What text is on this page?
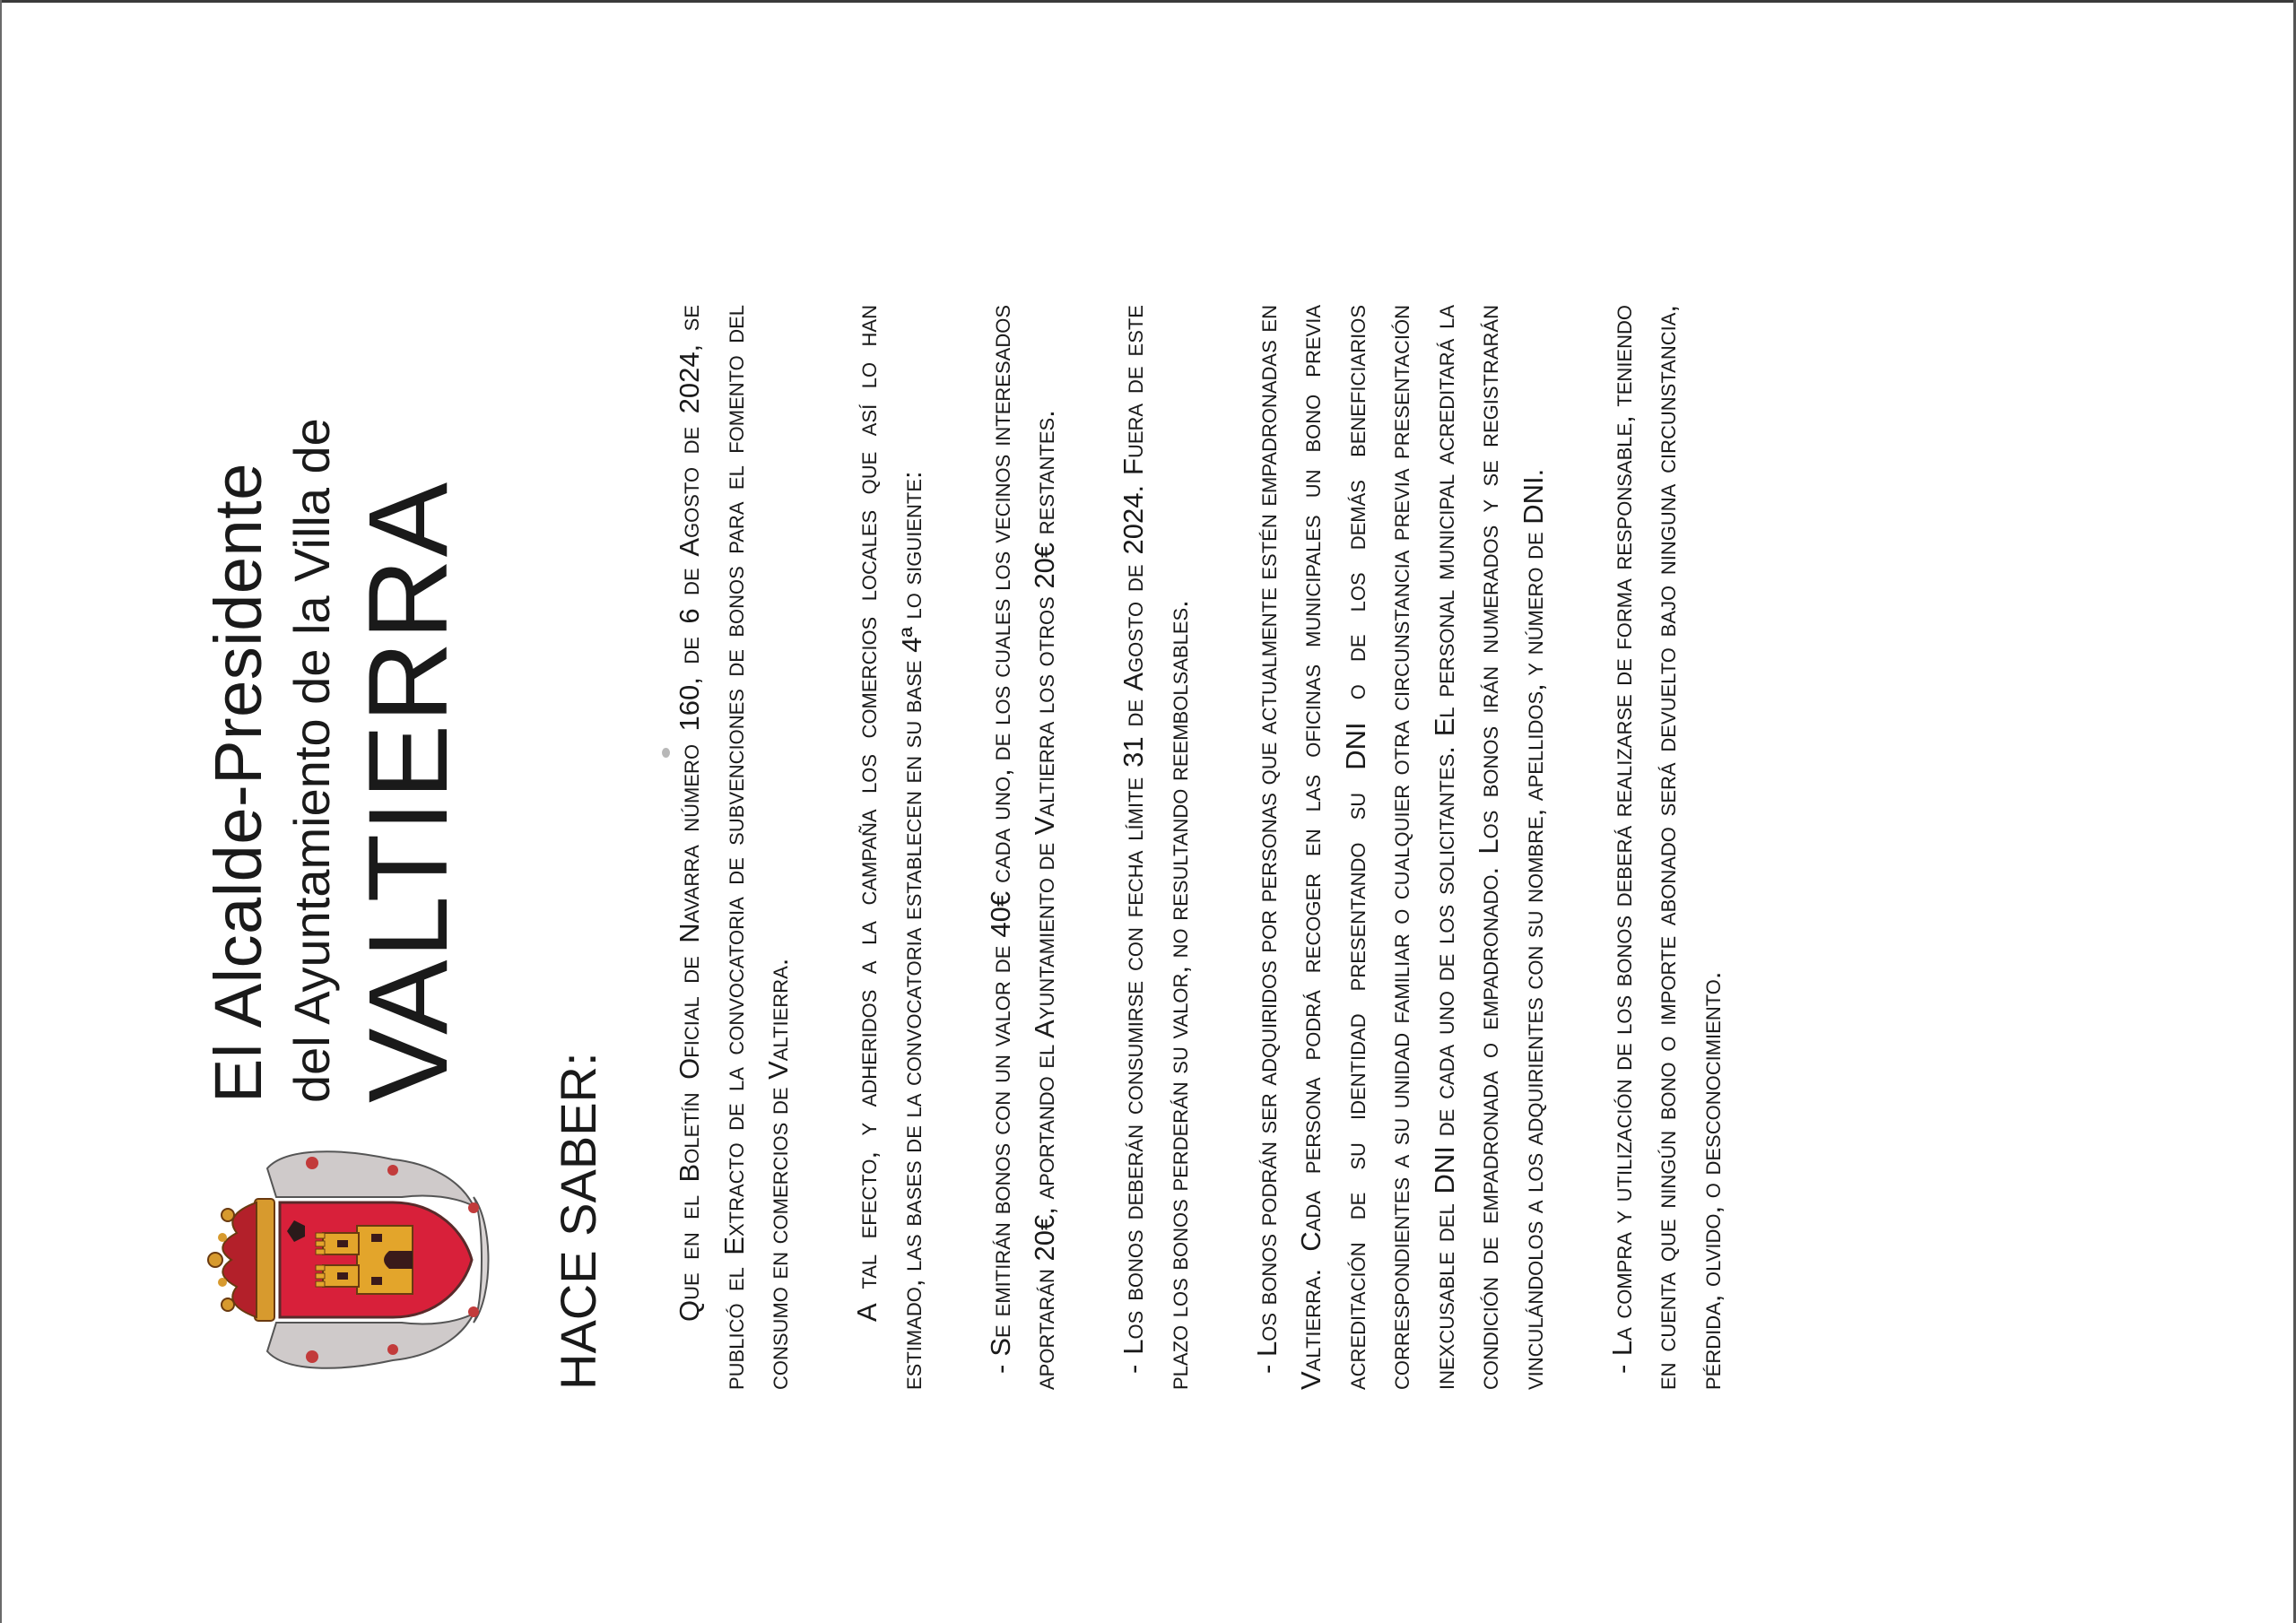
El Alcalde-Presidente del Ayuntamiento de la Villa de VALTIERRA
HACE SABER: Que en el Boletín Oficial de Navarra número 160, de 6 de Agosto de 2024, se publicó el Extracto de la convocatoria de subvenciones de bonos para el fomento del consumo en comercios de Valtierra. A tal efecto, y adheridos a la campaña los comercios locales que así lo han estimado, las bases de la convocatoria establecen en su base 4ª lo siguiente: - Se emitirán bonos con un valor de 40€ cada uno, de los cuales los vecinos interesados aportarán 20€, aportando el Ayuntamiento de Valtierra los otros 20€ restantes. - Los bonos deberán consumirse con fecha límite 31 de Agosto de 2024. Fuera de este plazo los bonos perderán su valor, no resultando reembolsables. - Los bonos podrán ser adquiridos por personas que actualmente estén empadronadas en Valtierra. Cada persona podrá recoger en las oficinas municipales un bono previa acreditación de su identidad presentando su DNI o de los demás beneficiarios correspondientes a su unidad familiar o cualquier otra circunstancia previa presentación inexcusable del DNI de cada uno de los solicitantes. El personal municipal acreditará la condición de empadronada o empadronado. Los bonos irán numerados y se registrarán vinculándolos a los adquirientes con su nombre, apellidos, y número de DNI. - La compra y utilización de los bonos deberá realizarse de forma responsable, teniendo en cuenta que ningún bono o importe abonado será devuelto bajo ninguna circunstancia, pérdida, olvido, o desconocimiento.
